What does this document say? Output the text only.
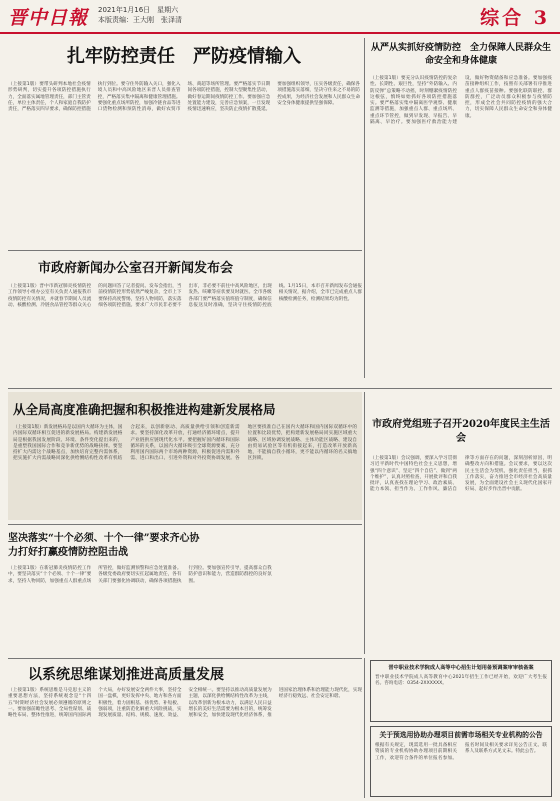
晋中日報 2021年1月16日　星期六
本版责编：王大刚　张泽清	综合 3
扎牢防控责任　严防疫情输入
（上接第1版）要带头研判本地社会疫情形势研判，切实提升各项防控措施执行力，全面落实属地管理责任，部门主管责任，单位主体责任，个人和家庭自我防护责任，严格落实四早要求，确保防控措施执行到位。要守住外防输入关口，强化入境人员和中高风险地区来晋人员排查管控，严格落实集中隔离和健康管理措施。要强化重点场所防控，加强冷链食品等进口货物检测和预防性消毒，做好农贸市场、商超等场所管理。要严格落实节日期间各项防控措施，控制大型聚集性活动，做好春运期间疫情防控工作。要加强应急处置能力建设，完善应急预案，一旦发现疫情迅速响应，坚决防止疫情扩散蔓延。要加强组织领导，压实各级责任，确保各项措施落实落细，坚决守住来之不易的防控成果，为经济社会发展和人民群众生命安全身体健康提供坚强保障。
从严从实抓好疫情防控　全力保障人民群众生命安全和身体健康
（上接第1版）要充分认识疫情防控的复杂性、长期性、艰巨性，坚持“外防输入、内防反弹”总策略不动摇，时刻绷紧疫情防控这根弦，慎终如始抓好各项防控措施落实。要严格落实集中隔离医学观察、健康监测等措施，加强重点人群、重点场所、重点环节管控，做到早发现、早报告、早隔离、早治疗。要加强医疗救治能力建设，做好物资储备和应急准备。要加强疫苗接种组织工作，按照有关部署有序推进重点人群疫苗接种。要强化联防联控、群防群控，广泛动员群众积极参与疫情防控，形成全社会共同防控疫情的强大合力，切实保障人民群众生命安全和身体健康。
市政府新闻办公室召开新闻发布会
（上接第1版）晋中市新冠肺炎疫情防控工作领导小组办公室有关负责人通报我市疫情防控有关情况，并就春节期间人员流动、核酸检测、冷链食品管控等群众关心的问题回答了记者提问。发布会指出，当前疫情防控形势依然严峻复杂，全市上下要保持高度警惕，坚持人物同防，落实落细各项防控措施。要求广大市民非必要不出市，非必要不前往中高风险地区，出现发热、咳嗽等症状要及时就医。全市各级各部门要严格落实值班值守制度，确保信息报送及时准确，坚决守住疫情防控底线。1月15日，本市召开新闻发布会通报相关情况，据介绍，全市已完成重点人群核酸检测任务，检测结果均为阴性。
从全局高度准确把握和积极推进构建新发展格局
（上接第1版）新发展格局是以国内大循环为主体，国内国际双循环相互促进的新发展格局。构建新发展格局是根据我国发展阶段、环境、条件变化提出来的，是重塑我国国际合作和竞争新优势的战略抉择。要坚持扩大内需这个战略基点，加快培育完整内需体系，把实施扩大内需战略同深化供给侧结构性改革有机结合起来，以创新驱动、高质量供给引领和创造新需求。要坚持深化改革开放，打通经济循环堵点，提升产业链供应链现代化水平。要把握好国内循环和国际循环的关系，以国内大循环吸引全球资源要素，充分利用国内国际两个市场两种资源，积极促进内需和外需、进口和出口、引进外资和对外投资协调发展。各地区要找准自己在国内大循环和国内国际双循环中的位置和比较优势，把构建新发展格局同实施区域重大战略、区域协调发展战略、主体功能区战略、建设自由贸易试验区等有机衔接起来，打造改革开放新高地，不能搞自我小循环，更不能以内循环的名义搞地区封锁。
市政府党组班子召开2020年度民主生活会
（上接第1版）会议强调，要深入学习贯彻习近平新时代中国特色社会主义思想，增强“四个意识”、坚定“四个自信”、做到“两个维护”，认真对照检查，开展批评和自我批评，认真查找在理论学习、政治素质、能力本领、担当作为、工作作风、廉洁自律等方面存在的问题，深刻剖析原因，明确整改方向和措施。会议要求，要以这次民主生活会为契机，强化责任担当，狠抓工作落实，奋力推进全市经济社会高质量发展，为全面建设社会主义现代化国家开好局、起好步作出晋中贡献。
坚决落实“十个必须、十个一律”要求齐心协力打好打赢疫情防控阻击战
（上接第1版）在新冠肺炎疫情防控工作中，要坚决落实“十个必须、十个一律”要求，坚持人物同防，加强重点人群重点场所管控，做好监测预警和应急处置准备。各级党委政府要切实扛起属地责任，各有关部门要强化协调联动，确保各项措施执行到位。要加强宣传引导，提高群众自我防护意识和能力，营造群防群控的良好氛围。
以系统思维谋划推进高质量发展
（上接第1版）系统思维是马克思主义的重要思想方法，坚持系统观念是“十四五”时期经济社会发展必须遵循的原则之一。要加强前瞻性思考、全局性谋划、战略性布局、整体性推进，统筹国内国际两个大局，办好发展安全两件大事，坚持全国一盘棋，更好发挥中央、地方和各方面积极性，着力固根基、扬优势、补短板、强弱项，注重防范化解重大风险挑战，实现发展质量、结构、规模、速度、效益、安全相统一。要坚持以推动高质量发展为主题，以深化供给侧结构性改革为主线，以改革创新为根本动力，以满足人民日益增长的美好生活需要为根本目的，统筹发展和安全，加快建设现代化经济体系，推进国家治理体系和治理能力现代化，实现经济行稳致远、社会安定和谐。
晋中职业技术学院成人高等中心招生计划用备预调案审审核备案
晋中职业技术学院成人高等教育中心2021年招生工作已经开始，欢迎广大考生报名。咨询电话：0354-2XXXXXX。
关于预选用协助办理项目前需市场相关专业机构的公告
根据有关规定，现需选用一批具备相应资质的专业机构协助办理项目前期相关工作，欢迎符合条件的单位报名参加。报名时间及相关要求详见公告正文。联系人及联系方式见文末。特此公告。
